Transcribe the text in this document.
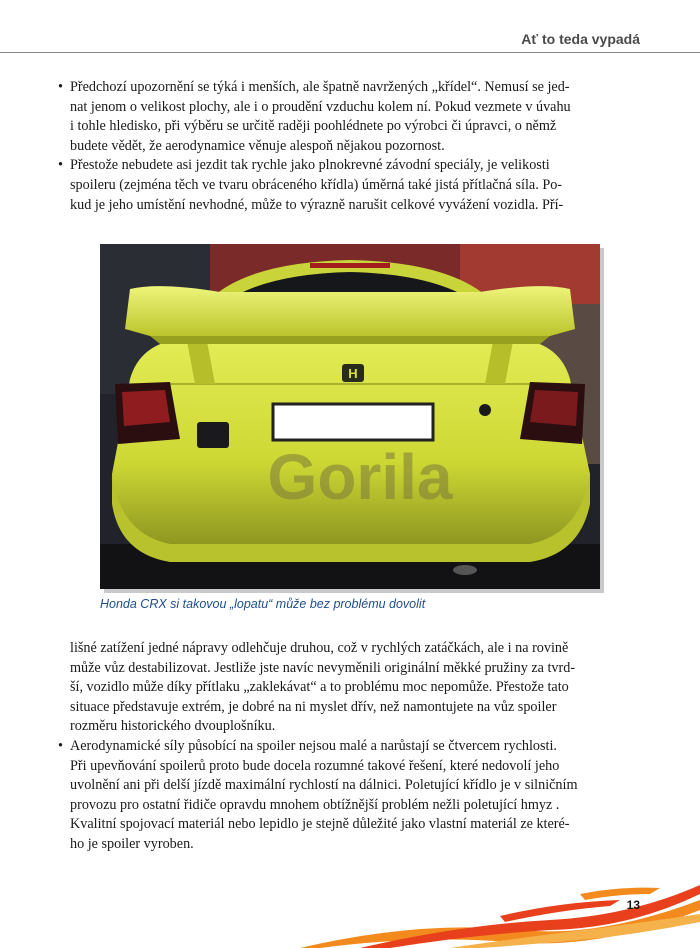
Ať to teda vypadá

• Předchozí upozornění se týká i menších, ale špatně navržených „křídel“. Nemusí se jed-
nat jenom o velikost plochy, ale i o proudění vzduchu kolem ní. Pokud vezmete v úvahu
i tohle hledisko, při výběru se určitě raději poohlédnete po výrobci či úpravci, o němž
budete vědět, že aerodynamice věnuje alespoň nějakou pozornost.

• Přestože nebudete asi jezdit tak rychle jako plnokrevné závodní speciály, je velikosti
spoileru (zejména těch ve tvaru obráceného křídla) úměrná také jistá přítlačná síla. Po-
kud je jeho umístění nevhodné, může to výrazně narušit celkové vyvážení vozidla. Pří-

H
Gorila
Honda CRX si takovou „lopatu“ může bez problému dovolit

lišné zatížení jedné nápravy odlehčuje druhou, což v rychlých zatáčkách, ale i na rovině
může vůz destabilizovat. Jestliže jste navíc nevyměnili originální měkké pružiny za tvrd-
ší, vozidlo může díky přítlaku „zaklekávat“ a to problému moc nepomůže. Přestože tato
situace představuje extrém, je dobré na ni myslet dřív, než namontujete na vůz spoiler
rozměru historického dvouplošníku.

• Aerodynamické síly působící na spoiler nejsou malé a narůstají se čtvercem rychlosti.
Při upevňování spoilerů proto bude docela rozumné takové řešení, které nedovolí jeho
uvolnění ani při delší jízdě maximální rychlostí na dálnici. Poletující křídlo je v silničním
provozu pro ostatní řidiče opravdu mnohem obtížnější problém nežli poletující hmyz .
Kvalitní spojovací materiál nebo lepidlo je stejně důležité jako vlastní materiál ze které-
ho je spoiler vyroben.

13
